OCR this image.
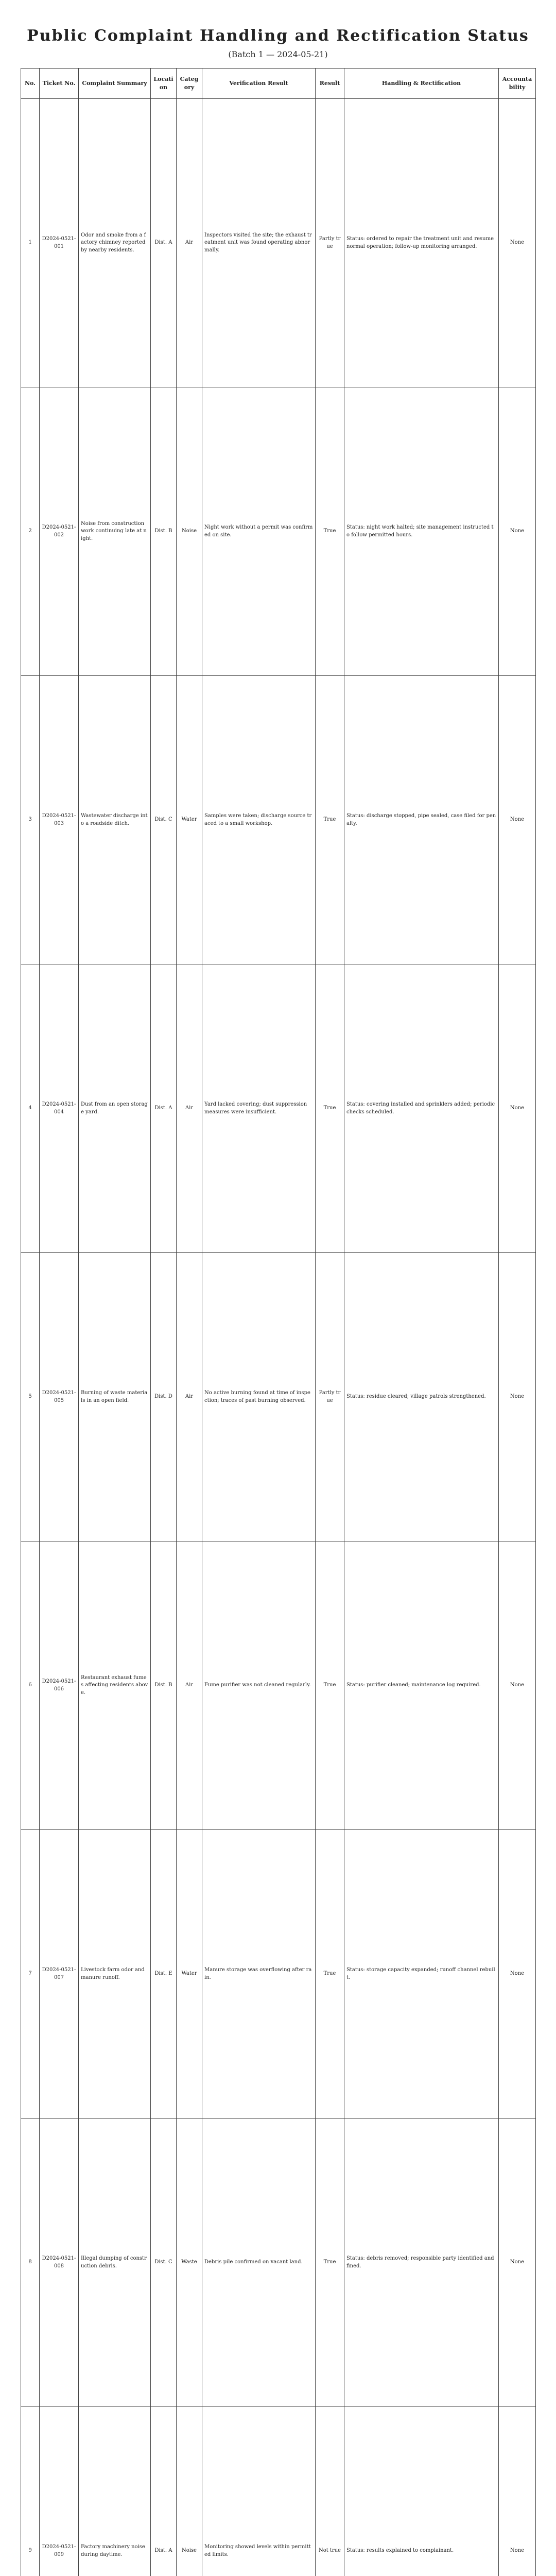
Public Complaint Handling and Rectification Status
(Batch 1 — 2024-05-21)
No.	Ticket No.	Complaint Summary	Location	Category	Verification Result	Result	Handling & Rectification	Accountability
1	D2024-0521-001	Odor and smoke from a factory chimney reported by nearby residents.	Dist. A	Air	Inspectors visited the site; the exhaust treatment unit was found operating abnormally.	Partly true	Status: ordered to repair the treatment unit and resume normal operation; follow-up monitoring arranged.	None
2	D2024-0521-002	Noise from construction work continuing late at night.	Dist. B	Noise	Night work without a permit was confirmed on site.	True	Status: night work halted; site management instructed to follow permitted hours.	None
3	D2024-0521-003	Wastewater discharge into a roadside ditch.	Dist. C	Water	Samples were taken; discharge source traced to a small workshop.	True	Status: discharge stopped, pipe sealed, case filed for penalty.	None
4	D2024-0521-004	Dust from an open storage yard.	Dist. A	Air	Yard lacked covering; dust suppression measures were insufficient.	True	Status: covering installed and sprinklers added; periodic checks scheduled.	None
5	D2024-0521-005	Burning of waste materials in an open field.	Dist. D	Air	No active burning found at time of inspection; traces of past burning observed.	Partly true	Status: residue cleared; village patrols strengthened.	None
6	D2024-0521-006	Restaurant exhaust fumes affecting residents above.	Dist. B	Air	Fume purifier was not cleaned regularly.	True	Status: purifier cleaned; maintenance log required.	None
7	D2024-0521-007	Livestock farm odor and manure runoff.	Dist. E	Water	Manure storage was overflowing after rain.	True	Status: storage capacity expanded; runoff channel rebuilt.	None
8	D2024-0521-008	Illegal dumping of construction debris.	Dist. C	Waste	Debris pile confirmed on vacant land.	True	Status: debris removed; responsible party identified and fined.	None
9	D2024-0521-009	Factory machinery noise during daytime.	Dist. A	Noise	Monitoring showed levels within permitted limits.	Not true	Status: results explained to complainant.	None
